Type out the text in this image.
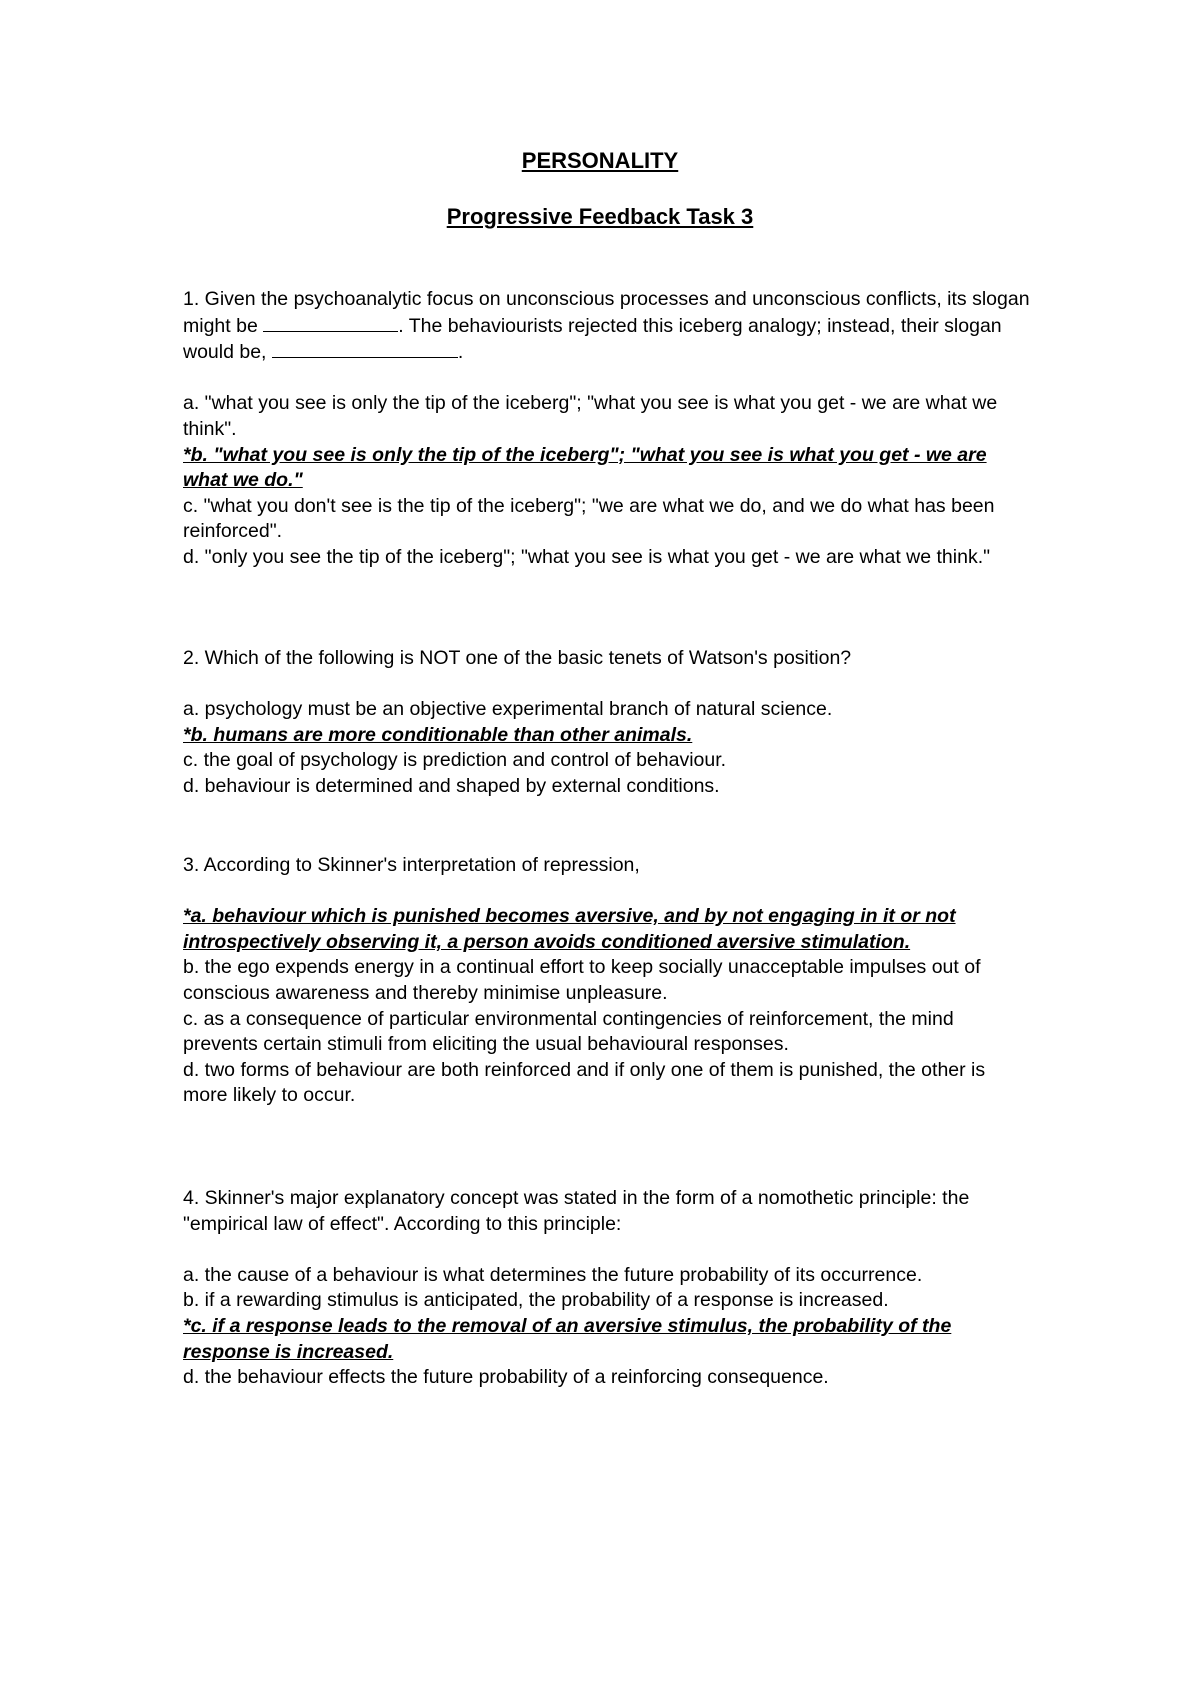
PERSONALITY
Progressive Feedback Task 3

1. Given the psychoanalytic focus on unconscious processes and unconscious conflicts, its slogan might be	. The behaviourists rejected this iceberg analogy; instead, their slogan would be,	.

a. "what you see is only the tip of the iceberg"; "what you see is what you get - we are what we think".

*b. "what you see is only the tip of the iceberg"; "what you see is what you get - we are what we do."

c. "what you don't see is the tip of the iceberg"; "we are what we do, and we do what has been reinforced".

d. "only you see the tip of the iceberg"; "what you see is what you get - we are what we think."

2. Which of the following is NOT one of the basic tenets of Watson's position?

a. psychology must be an objective experimental branch of natural science.

*b. humans are more conditionable than other animals.

c. the goal of psychology is prediction and control of behaviour.

d. behaviour is determined and shaped by external conditions.

3. According to Skinner's interpretation of repression,

*a. behaviour which is punished becomes aversive, and by not engaging in it or not introspectively observing it, a person avoids conditioned aversive stimulation.

b. the ego expends energy in a continual effort to keep socially unacceptable impulses out of conscious awareness and thereby minimise unpleasure.

c. as a consequence of particular environmental contingencies of reinforcement, the mind prevents certain stimuli from eliciting the usual behavioural responses.

d. two forms of behaviour are both reinforced and if only one of them is punished, the other is more likely to occur.

4. Skinner's major explanatory concept was stated in the form of a nomothetic principle: the "empirical law of effect". According to this principle:

a. the cause of a behaviour is what determines the future probability of its occurrence.

b. if a rewarding stimulus is anticipated, the probability of a response is increased.

*c. if a response leads to the removal of an aversive stimulus, the probability of the response is increased.

d. the behaviour effects the future probability of a reinforcing consequence.
